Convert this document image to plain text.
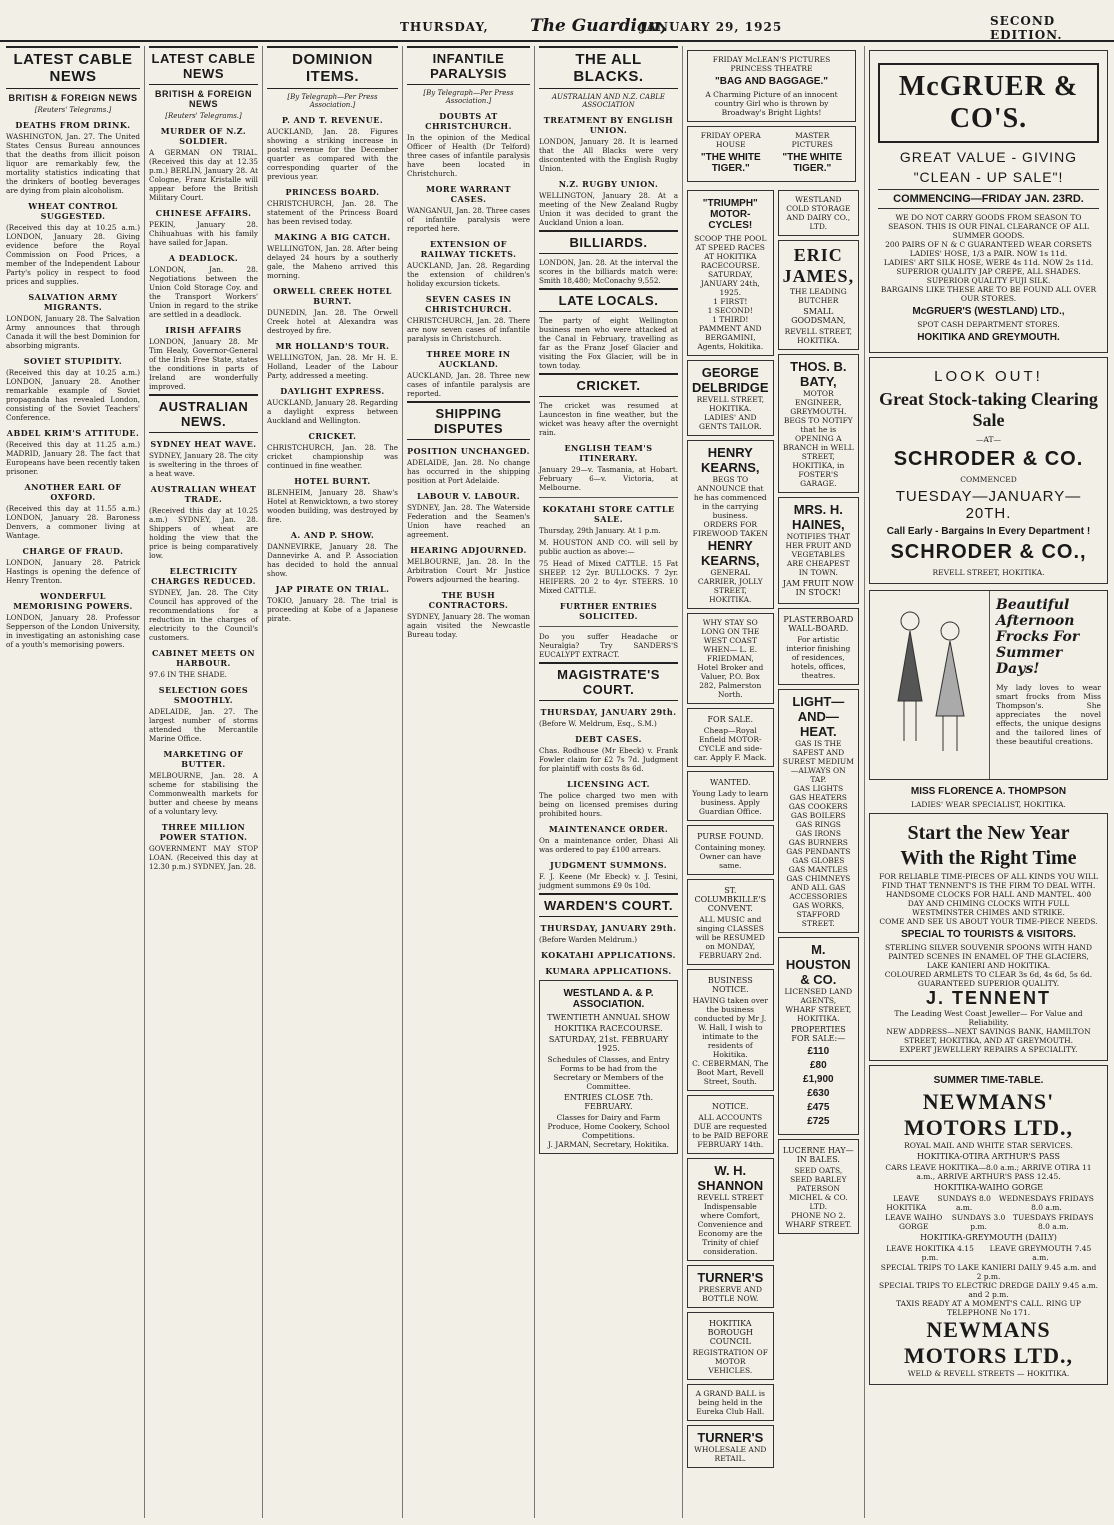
THURSDAY, The Guardian,
JANUARY 29, 1925	SECOND EDITION.
LATEST CABLE NEWS
BRITISH & FOREIGN NEWS
[Reuters' Telegrams.]
DEATHS FROM DRINK.
WASHINGTON, Jan. 27. The United States Census Bureau announces that the deaths from illicit poison liquor are remarkably few, the mortality statistics indicating that the drinkers of bootleg beverages are dying from plain alcoholism.
WHEAT CONTROL SUGGESTED.
(Received this day at 10.25 a.m.) LONDON, January 28. Giving evidence before the Royal Commission on Food Prices, a member of the Independent Labour Party's policy in respect to food prices and supplies.
SALVATION ARMY MIGRANTS.
LONDON, January 28. The Salvation Army announces that through Canada it will the best Dominion for absorbing migrants.
SOVIET STUPIDITY.
(Received this day at 10.25 a.m.) LONDON, January 28. Another remarkable example of Soviet propaganda has revealed London, consisting of the Soviet Teachers' Conference.
ABDEL KRIM'S ATTITUDE.
(Received this day at 11.25 a.m.) MADRID, January 28. The fact that Europeans have been recently taken prisoner.
ANOTHER EARL OF OXFORD.
(Received this day at 11.55 a.m.) LONDON, January 28. Baroness Denvers, a commoner living at Wantage.
CHARGE OF FRAUD.
LONDON, January 28. Patrick Hastings is opening the defence of Henry Trenton.
WONDERFUL MEMORISING POWERS.
LONDON, January 28. Professor Sepperson of the London University, in investigating an astonishing case of a youth's memorising powers.
LATEST CABLE NEWS
BRITISH & FOREIGN NEWS
[Reuters' Telegrams.]
MURDER OF N.Z. SOLDIER.
A GERMAN ON TRIAL. (Received this day at 12.35 p.m.) BERLIN, January 28. At Cologne, Franz Kristalle will appear before the British Military Court.
CHINESE AFFAIRS.
PEKIN, January 28. Chihuahuas with his family have sailed for Japan.
A DEADLOCK.
LONDON, Jan. 28. Negotiations between the Union Cold Storage Coy. and the Transport Workers' Union in regard to the strike are settled in a deadlock.
IRISH AFFAIRS
LONDON, January 28. Mr Tim Healy, Governor-General of the Irish Free State, states the conditions in parts of Ireland are wonderfully improved.
AUSTRALIAN NEWS.
SYDNEY HEAT WAVE.
SYDNEY, January 28. The city is sweltering in the throes of a heat wave.
AUSTRALIAN WHEAT TRADE.
(Received this day at 10.25 a.m.) SYDNEY, Jan. 28. Shippers of wheat are holding the view that the price is being comparatively low.
ELECTRICITY CHARGES REDUCED.
SYDNEY, Jan. 28. The City Council has approved of the recommendations for a reduction in the charges of electricity to the Council's customers.
CABINET MEETS ON HARBOUR.
97.6 IN THE SHADE.
SELECTION GOES SMOOTHLY.
ADELAIDE, Jan. 27. The largest number of storms attended the Mercantile Marine Office.
MARKETING OF BUTTER.
MELBOURNE, Jan. 28. A scheme for stabilising the Commonwealth markets for butter and cheese by means of a voluntary levy.
THREE MILLION POWER STATION.
GOVERNMENT MAY STOP LOAN. (Received this day at 12.30 p.m.) SYDNEY, Jan. 28.
DOMINION ITEMS.
[By Telegraph—Per Press Association.]
P. AND T. REVENUE.
AUCKLAND, Jan. 28. Figures showing a striking increase in postal revenue for the December quarter as compared with the corresponding quarter of the previous year.
PRINCESS BOARD.
CHRISTCHURCH, Jan. 28. The statement of the Princess Board has been revised today.
MAKING A BIG CATCH.
WELLINGTON, Jan. 28. After being delayed 24 hours by a southerly gale, the Maheno arrived this morning.
ORWELL CREEK HOTEL BURNT.
DUNEDIN, Jan. 28. The Orwell Creek hotel at Alexandra was destroyed by fire.
MR HOLLAND'S TOUR.
WELLINGTON, Jan. 28. Mr H. E. Holland, Leader of the Labour Party, addressed a meeting.
DAYLIGHT EXPRESS.
AUCKLAND, January 28. Regarding a daylight express between Auckland and Wellington.
CRICKET.
CHRISTCHURCH, Jan. 28. The cricket championship was continued in fine weather.
HOTEL BURNT.
BLENHEIM, January 28. Shaw's Hotel at Renwicktown, a two storey wooden building, was destroyed by fire.
A. AND P. SHOW.
DANNEVIRKE, January 28. The Dannevirke A. and P. Association has decided to hold the annual show.
JAP PIRATE ON TRIAL.
TOKIO, January 28. The trial is proceeding at Kobe of a Japanese pirate.
INFANTILE PARALYSIS
[By Telegraph—Per Press Association.]
DOUBTS AT CHRISTCHURCH.
In the opinion of the Medical Officer of Health (Dr Telford) three cases of infantile paralysis have been located in Christchurch.
MORE WARRANT CASES.
WANGANUI, Jan. 28. Three cases of infantile paralysis were reported here.
EXTENSION OF RAILWAY TICKETS.
AUCKLAND, Jan. 28. Regarding the extension of children's holiday excursion tickets.
SEVEN CASES IN CHRISTCHURCH.
CHRISTCHURCH, Jan. 28. There are now seven cases of infantile paralysis in Christchurch.
THREE MORE IN AUCKLAND.
AUCKLAND, Jan. 28. Three new cases of infantile paralysis are reported.
SHIPPING DISPUTES
POSITION UNCHANGED.
ADELAIDE, Jan. 28. No change has occurred in the shipping position at Port Adelaide.
LABOUR V. LABOUR.
SYDNEY, Jan. 28. The Waterside Federation and the Seamen's Union have reached an agreement.
HEARING ADJOURNED.
MELBOURNE, Jan. 28. In the Arbitration Court Mr Justice Powers adjourned the hearing.
THE BUSH CONTRACTORS.
SYDNEY, January 28. The woman again visited the Newcastle Bureau today.
THE ALL BLACKS.
AUSTRALIAN AND N.Z. CABLE ASSOCIATION
TREATMENT BY ENGLISH UNION.
LONDON, January 28. It is learned that the All Blacks were very discontented with the English Rugby Union.
N.Z. RUGBY UNION.
WELLINGTON, January 28. At a meeting of the New Zealand Rugby Union it was decided to grant the Auckland Union a loan.
BILLIARDS.
LONDON, Jan. 28. At the interval the scores in the billiards match were: Smith 18,480; McConachy 9,552.
LATE LOCALS.
The party of eight Wellington business men who were attacked at the Canal in February, travelling as far as the Franz Josef Glacier and visiting the Fox Glacier, will be in town today.
CRICKET.
The cricket was resumed at Launceston in fine weather, but the wicket was heavy after the overnight rain.
ENGLISH TEAM'S ITINERARY.
January 29—v. Tasmania, at Hobart. February 6—v. Victoria, at Melbourne.
KOKATAHI STORE CATTLE SALE.
Thursday, 29th January. At 1 p.m.
M. HOUSTON AND CO. will sell by public auction as above:—
75 Head of Mixed CATTLE. 15 Fat SHEEP. 12 2yr. BULLOCKS. 7 2yr. HEIFERS. 20 2 to 4yr. STEERS. 10 Mixed CATTLE.
FURTHER ENTRIES SOLICITED.
Do you suffer Headache or Neuralgia? Try SANDERS'S EUCALYPT EXTRACT.
MAGISTRATE'S COURT.
THURSDAY, JANUARY 29th.
(Before W. Meldrum, Esq., S.M.)
DEBT CASES.
Chas. Rodhouse (Mr Ebeck) v. Frank Fowler claim for £2 7s 7d. Judgment for plaintiff with costs 8s 6d.
LICENSING ACT.
The police charged two men with being on licensed premises during prohibited hours.
MAINTENANCE ORDER.
On a maintenance order, Dhasi Ali was ordered to pay £100 arrears.
JUDGMENT SUMMONS.
F. J. Keene (Mr Ebeck) v. J. Tesini, judgment summons £9 0s 10d.
WARDEN'S COURT.
THURSDAY, JANUARY 29th.
(Before Warden Meldrum.)
KOKATAHI APPLICATIONS.
KUMARA APPLICATIONS.
WESTLAND A. & P. ASSOCIATION.
TWENTIETH ANNUAL SHOW
HOKITIKA RACECOURSE.
SATURDAY, 21st. FEBRUARY 1925.
Schedules of Classes, and Entry Forms to be had from the Secretary or Members of the Committee.
ENTRIES CLOSE 7th. FEBRUARY.
Classes for Dairy and Farm Produce, Home Cookery, School Competitions.
J. JARMAN, Secretary, Hokitika.
FRIDAY McLEAN'S PICTURES PRINCESS THEATRE
"BAG AND BAGGAGE."
A Charming Picture of an innocent country Girl who is thrown by Broadway's Bright Lights!
FRIDAY OPERA HOUSE
"THE WHITE TIGER."
MASTER PICTURES
"THE WHITE TIGER."
"TRIUMPH" MOTOR-CYCLES!
SCOOP THE POOL AT SPEED RACES AT HOKITIKA RACECOURSE. SATURDAY, JANUARY 24th, 1925.
1 FIRST!
1 SECOND!
1 THIRD!
PAMMENT AND BERGAMINI, Agents, Hokitika.
GEORGE DELBRIDGE
REVELL STREET, HOKITIKA.
LADIES' AND GENTS TAILOR.
HENRY KEARNS,
BEGS TO ANNOUNCE that he has commenced in the carrying business.
ORDERS FOR FIREWOOD TAKEN
HENRY KEARNS,
GENERAL CARRIER, JOLLY STREET, HOKITIKA.
WHY STAY SO LONG ON THE WEST COAST WHEN— L. E. FRIEDMAN,
Hotel Broker and Valuer, P.O. Box 282, Palmerston North.
FOR SALE.
Cheap—Royal Enfield MOTOR-CYCLE and side-car. Apply F. Mack.
WANTED.
Young Lady to learn business. Apply Guardian Office.
PURSE FOUND.
Containing money. Owner can have same.
ST. COLUMBKILLE'S CONVENT.
ALL MUSIC and singing CLASSES will be RESUMED on MONDAY, FEBRUARY 2nd.
BUSINESS NOTICE.
HAVING taken over the business conducted by Mr J. W. Hall, I wish to intimate to the residents of Hokitika.
C. CEBERMAN, The Boot Mart, Revell Street, South.
NOTICE.
ALL ACCOUNTS DUE are requested to be PAID BEFORE FEBRUARY 14th.
W. H. SHANNON
REVELL STREET
Indispensable where Comfort, Convenience and Economy are the Trinity of chief consideration.
TURNER'S
PRESERVE AND BOTTLE NOW.
HOKITIKA BOROUGH COUNCIL
REGISTRATION OF MOTOR VEHICLES.
A GRAND BALL is being held in the Eureka Club Hall.
TURNER'S
WHOLESALE AND RETAIL.
WESTLAND COLD STORAGE AND DAIRY CO., LTD.
ERIC JAMES,
THE LEADING BUTCHER
SMALL GOODSMAN,
REVELL STREET, HOKITIKA.
THOS. B. BATY,
MOTOR ENGINEER, GREYMOUTH.
BEGS TO NOTIFY that he is OPENING A BRANCH in WELL STREET, HOKITIKA, in FOSTER'S GARAGE.
MRS. H. HAINES,
NOTIFIES THAT HER FRUIT AND VEGETABLES ARE CHEAPEST IN TOWN.
JAM FRUIT NOW IN STOCK!
PLASTERBOARD WALL-BOARD.
For artistic interior finishing of residences, hotels, offices, theatres.
LIGHT—AND—HEAT.
GAS IS THE SAFEST AND SUREST MEDIUM—ALWAYS ON TAP.
GAS LIGHTS
GAS HEATERS
GAS COOKERS
GAS BOILERS
GAS RINGS
GAS IRONS
GAS BURNERS
GAS PENDANTS
GAS GLOBES
GAS MANTLES
GAS CHIMNEYS
AND ALL GAS ACCESSORIES
GAS WORKS, STAFFORD STREET.
M. HOUSTON & CO.
LICENSED LAND AGENTS,
WHARF STREET, HOKITIKA.
PROPERTIES FOR SALE:—
£110
£80
£1,900
£630
£475
£725
LUCERNE HAY—IN BALES.
SEED OATS, SEED BARLEY
PATERSON MICHEL & CO. LTD.
PHONE NO 2. WHARF STREET.
McGRUER & CO'S.
GREAT VALUE - GIVING
"CLEAN - UP SALE"!
COMMENCING—FRIDAY JAN. 23RD.
WE DO NOT CARRY GOODS FROM SEASON TO SEASON. THIS IS OUR FINAL CLEARANCE OF ALL SUMMER GOODS.
200 PAIRS OF N & C GUARANTEED WEAR CORSETS
LADIES' HOSE, 1/3 a PAIR. NOW 1s 11d.
LADIES' ART SILK HOSE, WERE 4s 11d. NOW 2s 11d.
SUPERIOR QUALITY JAP CREPE, ALL SHADES.
SUPERIOR QUALITY FUJI SILK.
BARGAINS LIKE THESE ARE TO BE FOUND ALL OVER OUR STORES.
McGRUER'S (WESTLAND) LTD.,
SPOT CASH DEPARTMENT STORES.
HOKITIKA AND GREYMOUTH.
LOOK OUT!
Great Stock-taking Clearing Sale
—AT—
SCHRODER & CO.
COMMENCED
TUESDAY—JANUARY—20TH.
Call Early - Bargains In Every Department !
SCHRODER & CO.,
REVELL STREET, HOKITIKA.
Beautiful Afternoon Frocks For Summer Days!
My lady loves to wear smart frocks from Miss Thompson's. She appreciates the novel effects, the unique designs and the tailored lines of these beautiful creations.
MISS FLORENCE A. THOMPSON
LADIES' WEAR SPECIALIST, HOKITIKA.
Start the New Year
With the Right Time
FOR RELIABLE TIME-PIECES OF ALL KINDS YOU WILL FIND THAT TENNENT'S IS THE FIRM TO DEAL WITH.
HANDSOME CLOCKS FOR HALL AND MANTEL. 400 DAY AND CHIMING CLOCKS WITH FULL WESTMINSTER CHIMES AND STRIKE.
COME AND SEE US ABOUT YOUR TIME-PIECE NEEDS.
SPECIAL TO TOURISTS & VISITORS.
STERLING SILVER SOUVENIR SPOONS WITH HAND PAINTED SCENES IN ENAMEL OF THE GLACIERS, LAKE KANIERI AND HOKITIKA.
COLOURED ARMLETS TO CLEAR 3s 6d, 4s 6d, 5s 6d. GUARANTEED SUPERIOR QUALITY.
J. TENNENT
The Leading West Coast Jeweller— For Value and Reliability.
NEW ADDRESS—NEXT SAVINGS BANK, HAMILTON STREET, HOKITIKA, AND AT GREYMOUTH.
EXPERT JEWELLERY REPAIRS A SPECIALITY.
SUMMER TIME-TABLE.
NEWMANS' MOTORS LTD.,
ROYAL MAIL AND WHITE STAR SERVICES.
HOKITIKA-OTIRA ARTHUR'S PASS
CARS LEAVE HOKITIKA—8.0 a.m.; ARRIVE OTIRA 11 a.m., ARRIVE ARTHUR'S PASS 12.45.
HOKITIKA-WAIHO GORGE
LEAVE HOKITIKA
SUNDAYS 8.0 a.m.
WEDNESDAYS FRIDAYS 8.0 a.m.
LEAVE WAIHO GORGE
SUNDAYS 3.0 p.m.
TUESDAYS FRIDAYS 8.0 a.m.
HOKITIKA-GREYMOUTH (DAILY)
LEAVE HOKITIKA 4.15 p.m.
LEAVE GREYMOUTH 7.45 a.m.
SPECIAL TRIPS TO LAKE KANIERI DAILY 9.45 a.m. and 2 p.m.
SPECIAL TRIPS TO ELECTRIC DREDGE DAILY 9.45 a.m. and 2 p.m.
TAXIS READY AT A MOMENT'S CALL. RING UP TELEPHONE No 171.
NEWMANS MOTORS LTD.,
WELD & REVELL STREETS — HOKITIKA.
